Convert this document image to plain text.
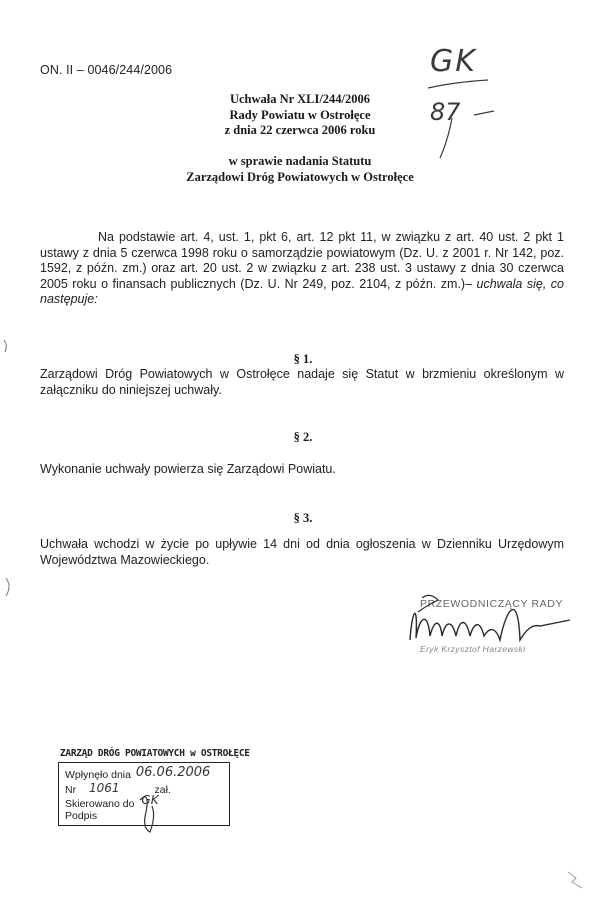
ON. II – 0046/244/2006
Uchwała Nr XLI/244/2006
Rady Powiatu w Ostrołęce
z dnia 22 czerwca 2006 roku
w sprawie nadania Statutu
Zarządowi Dróg Powiatowych w Ostrołęce
Na podstawie art. 4, ust. 1, pkt 6, art. 12 pkt 11, w związku z art. 40 ust. 2 pkt 1 ustawy z dnia 5 czerwca 1998 roku o samorządzie powiatowym (Dz. U. z 2001 r. Nr 142, poz. 1592, z późn. zm.) oraz art. 20 ust. 2 w związku z art. 238 ust. 3 ustawy z dnia 30 czerwca 2005 roku o finansach publicznych (Dz. U. Nr 249, poz. 2104, z późn. zm.)– uchwala się, co następuje:
§ 1.
Zarządowi Dróg Powiatowych w Ostrołęce nadaje się Statut w brzmieniu określonym w załączniku do niniejszej uchwały.
§ 2.
Wykonanie uchwały powierza się Zarządowi Powiatu.
§ 3.
Uchwała wchodzi w życie po upływie 14 dni od dnia ogłoszenia w Dzienniku Urzędowym Województwa Mazowieckiego.
GK
87
PRZEWODNICZĄCY RADY
Eryk Krzysztof Harzewski
ZARZĄD DRÓG POWIATOWYCH w OSTROŁĘCE
Wpłynęło dnia 06.06.2006
Nr 1061	zał.
Skierowano do GK
Podpis
